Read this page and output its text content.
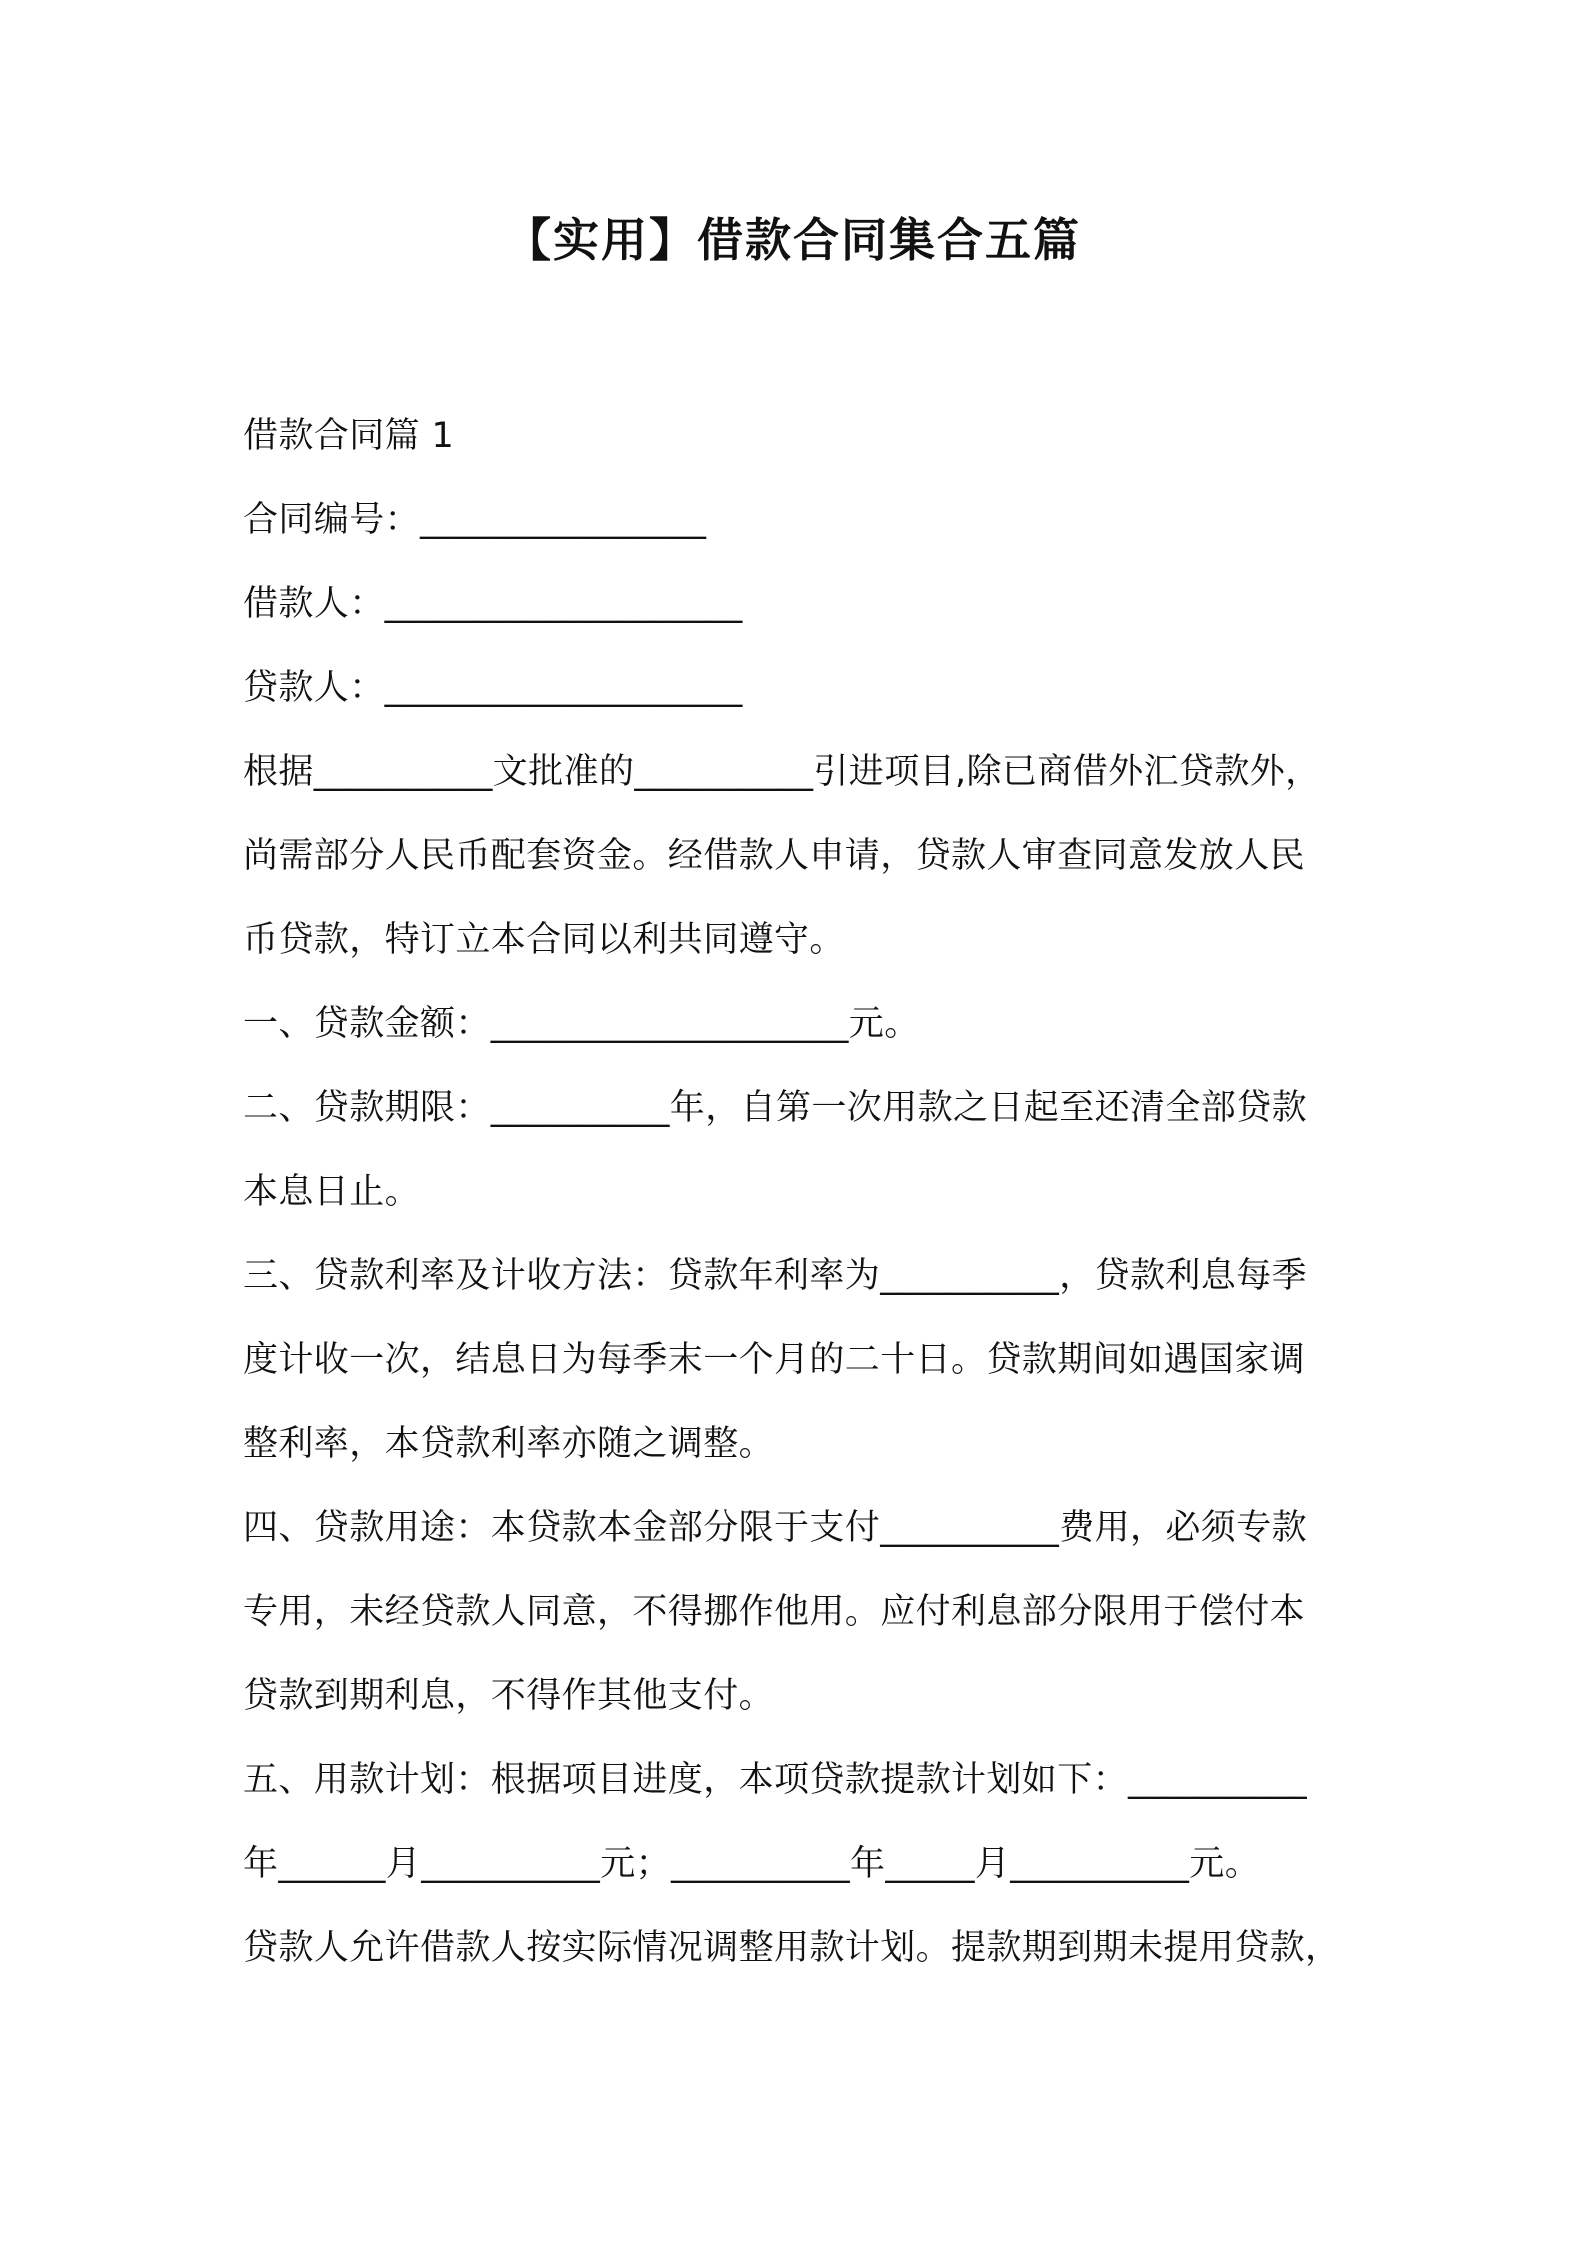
【实用】借款合同集合五篇
借款合同篇 1
合同编号：________________
借款人：____________________
贷款人：____________________
根据__________文批准的__________引进项目,除已商借外汇贷款外，
尚需部分人民币配套资金。经借款人申请，贷款人审查同意发放人民
币贷款，特订立本合同以利共同遵守。
一、贷款金额：____________________元。
二、贷款期限：__________年，自第一次用款之日起至还清全部贷款
本息日止。
三、贷款利率及计收方法：贷款年利率为__________，贷款利息每季
度计收一次，结息日为每季末一个月的二十日。贷款期间如遇国家调
整利率，本贷款利率亦随之调整。
四、贷款用途：本贷款本金部分限于支付__________费用，必须专款
专用，未经贷款人同意，不得挪作他用。应付利息部分限用于偿付本
贷款到期利息，不得作其他支付。
五、用款计划：根据项目进度，本项贷款提款计划如下：__________
年______月__________元；__________年_____月__________元。
贷款人允许借款人按实际情况调整用款计划。提款期到期未提用贷款，
